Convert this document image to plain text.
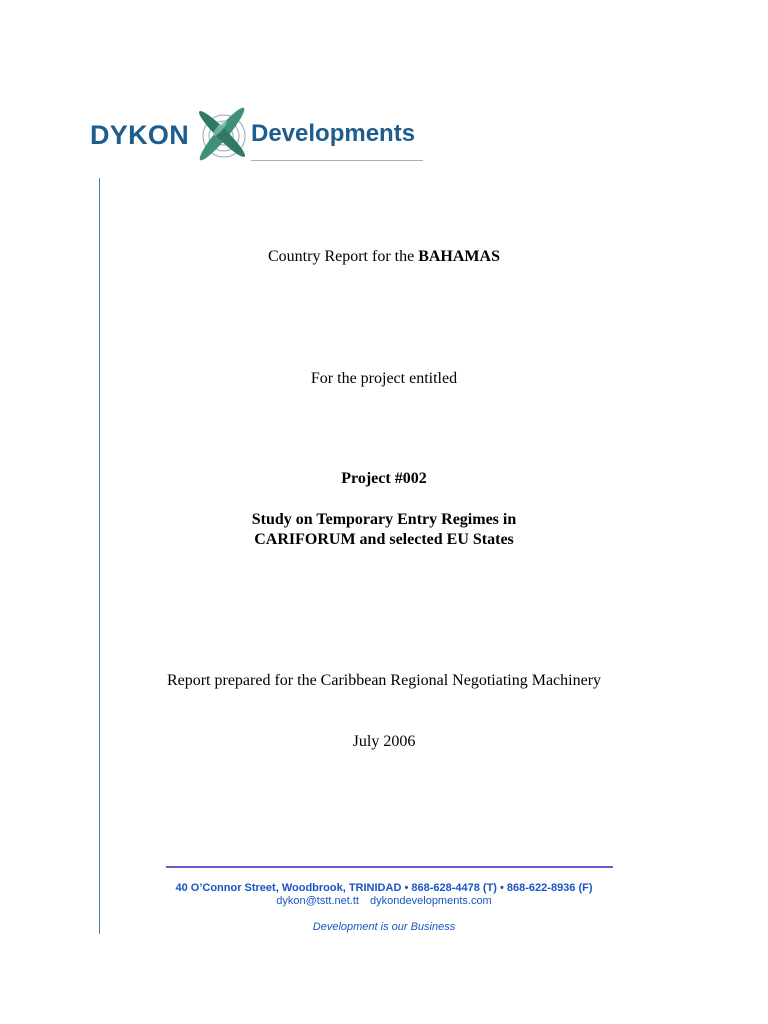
DYKON	Developments
Country Report for the BAHAMAS
For the project entitled
Project #002
Study on Temporary Entry Regimes in
CARIFORUM and selected EU States
Report prepared for the Caribbean Regional Negotiating Machinery
July 2006
40 O’Connor Street, Woodbrook, TRINIDAD • 868-628-4478 (T) • 868-622-8936 (F)
dykon@tstt.net.tt dykondevelopments.com
Development is our Business
